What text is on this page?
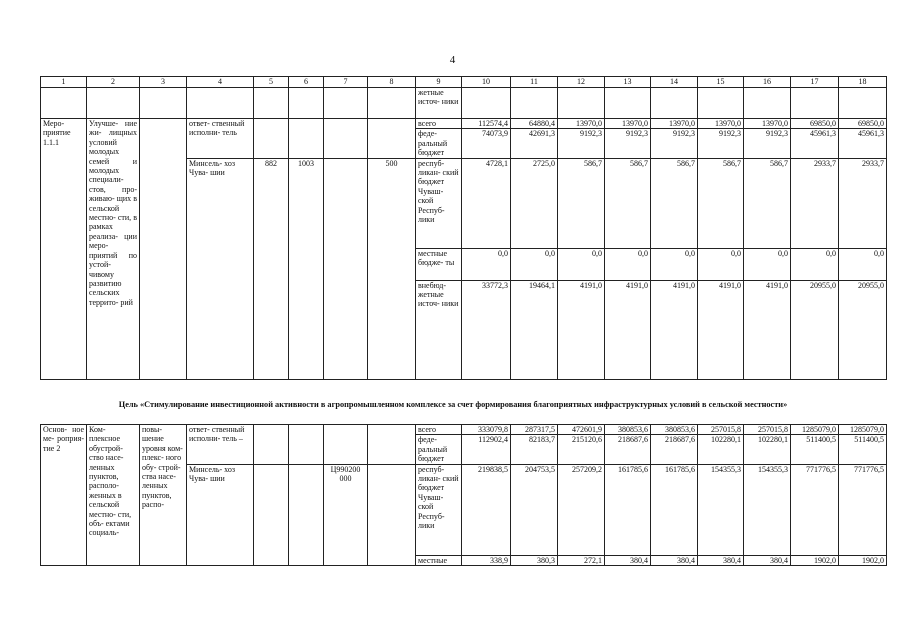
4
1	2	3	4	5	6	7	8	9	10	11	12	13	14	15	16	17	18
								жетные источ- ники									
Меро- приятие 1.1.1	Улучше- ние жи- лищных условий молодых семей и молодых специали- стов, про- живаю- щих в сельской местно- сти, в рамках реализа- ции меро- приятий по устой- чивому развитию сельских террито- рий		ответ- ственный исполни- тель					всего	112574,4	64880,4	13970,0	13970,0	13970,0	13970,0	13970,0	69850,0	69850,0
								феде- ральный бюджет	74073,9	42691,3	9192,3	9192,3	9192,3	9192,3	9192,3	45961,3	45961,3
			Минсель- хоз Чува- шии	882	1003		500	респуб- ликан- ский бюджет Чуваш- ской Респуб- лики	4728,1	2725,0	586,7	586,7	586,7	586,7	586,7	2933,7	2933,7
								местные бюдже- ты	0,0	0,0	0,0	0,0	0,0	0,0	0,0	0,0	0,0
								внебюд- жетные источ- ники	33772,3	19464,1	4191,0	4191,0	4191,0	4191,0	4191,0	20955,0	20955,0
Цель «Стимулирование инвестиционной активности в агропромышленном комплексе за счет формирования благоприятных инфраструктурных условий в сельской местности»
Основ- ное ме- роприя- тие 2	Ком- плексное обустрой- ство насе- ленных пунктов, располо- женных в сельской местно- сти, объ- ектами социаль-	повы- шение уровня ком- плекс- ного обу- строй- ства насе- ленных пунктов, распо-	ответ- ственный исполни- тель –					всего	333079,8	287317,5	472601,9	380853,6	380853,6	257015,8	257015,8	1285079,0	1285079,0
								феде- ральный бюджет	112902,4	82183,7	215120,6	218687,6	218687,6	102280,1	102280,1	511400,5	511400,5
			Минсель- хоз Чува- шии			Ц990200 000		респуб- ликан- ский бюджет Чуваш- ской Респуб- лики	219838,5	204753,5	257209,2	161785,6	161785,6	154355,3	154355,3	771776,5	771776,5
								местные	338,9	380,3	272,1	380,4	380,4	380,4	380,4	1902,0	1902,0
